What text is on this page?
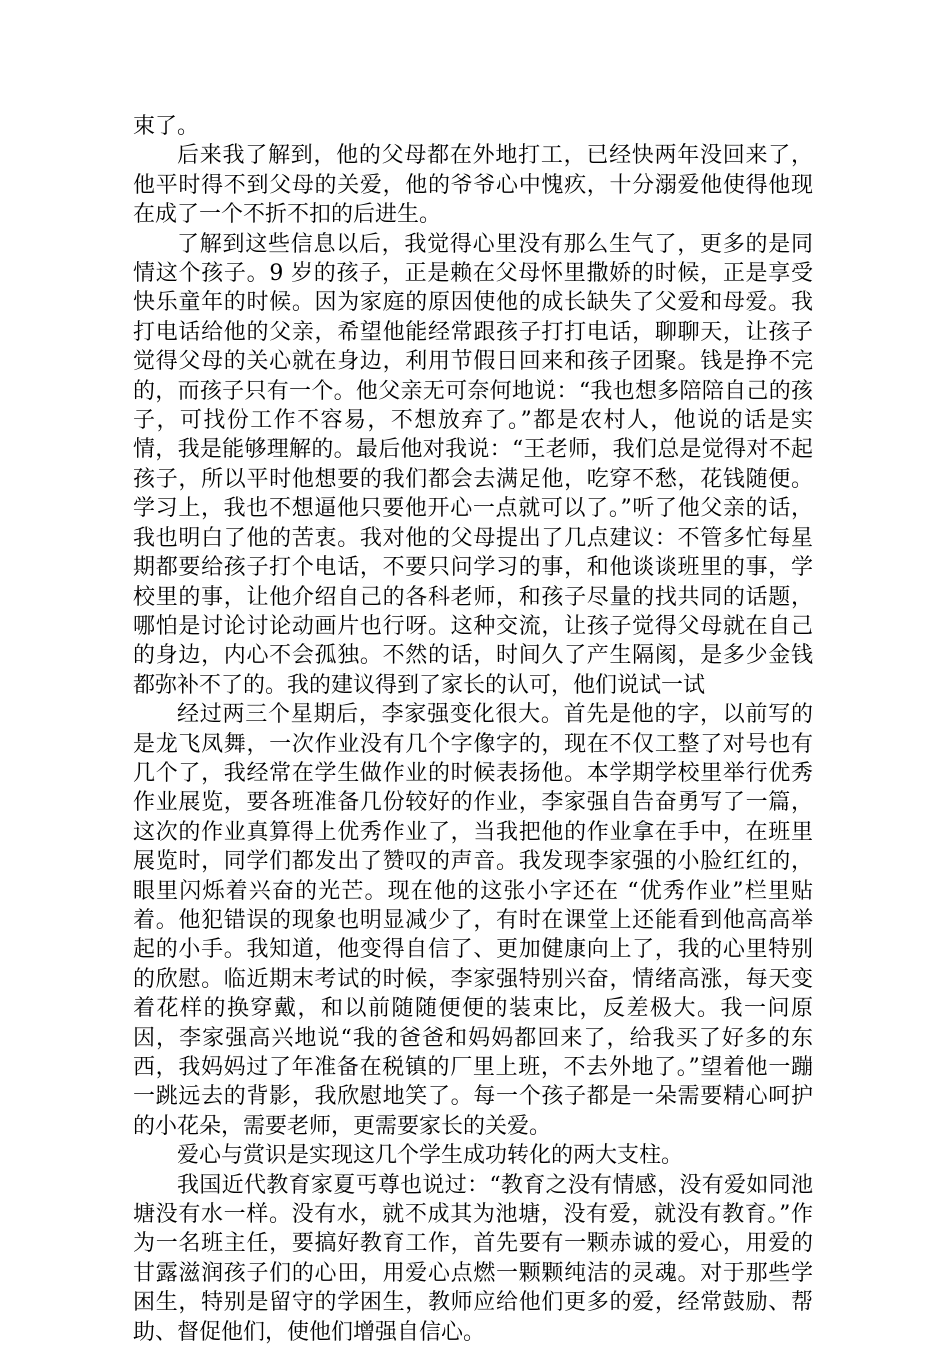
束了。

后来我了解到，他的父母都在外地打工，已经快两年没回来了， 他平时得不到父母的关爱，他的爷爷心中愧疚，十分溺爱他使得他现在成了一个不折不扣的后进生。

了解到这些信息以后，我觉得心里没有那么生气了，更多的是同情这个孩子。9 岁的孩子，正是赖在父母怀里撒娇的时候，正是享受快乐童年的时候。因为家庭的原因使他的成长缺失了父爱和母爱。我打电话给他的父亲，希望他能经常跟孩子打打电话，聊聊天，让孩子觉得父母的关心就在身边，利用节假日回来和孩子团聚。钱是挣不完的，而孩子只有一个。他父亲无可奈何地说：“我也想多陪陪自己的孩子，可找份工作不容易，不想放弃了。”都是农村人，他说的话是实情，我是能够理解的。最后他对我说：“王老师，我们总是觉得对不起孩子，所以平时他想要的我们都会去满足他，吃穿不愁，花钱随便。学习上，我也不想逼他只要他开心一点就可以了。”听了他父亲的话，我也明白了他的苦衷。我对他的父母提出了几点建议：不管多忙每星期都要给孩子打个电话，不要只问学习的事，和他谈谈班里的事，学校里的事，让他介绍自己的各科老师，和孩子尽量的找共同的话题，哪怕是讨论讨论动画片也行呀。这种交流，让孩子觉得父母就在自己的身边，内心不会孤独。不然的话，时间久了产生隔阂，是多少金钱都弥补不了的。我的建议得到了家长的认可，他们说试一试

经过两三个星期后，李家强变化很大。首先是他的字，以前写的是龙飞凤舞，一次作业没有几个字像字的，现在不仅工整了对号也有几个了，我经常在学生做作业的时候表扬他。本学期学校里举行优秀作业展览，要各班准备几份较好的作业，李家强自告奋勇写了一篇，这次的作业真算得上优秀作业了，当我把他的作业拿在手中，在班里展览时，同学们都发出了赞叹的声音。我发现李家强的小脸红红的，眼里闪烁着兴奋的光芒。现在他的这张小字还在 “优秀作业”栏里贴着。他犯错误的现象也明显减少了，有时在课堂上还能看到他高高举起的小手。我知道，他变得自信了、更加健康向上了，我的心里特别的欣慰。临近期末考试的时候，李家强特别兴奋，情绪高涨，每天变着花样的换穿戴，和以前随随便便的装束比，反差极大。我一问原因，李家强高兴地说“我的爸爸和妈妈都回来了，给我买了好多的东西，我妈妈过了年准备在税镇的厂里上班，不去外地了。”望着他一蹦一跳远去的背影，我欣慰地笑了。每一个孩子都是一朵需要精心呵护的小花朵，需要老师，更需要家长的关爱。

爱心与赏识是实现这几个学生成功转化的两大支柱。

我国近代教育家夏丐尊也说过：“教育之没有情感，没有爱如同池塘没有水一样。没有水，就不成其为池塘，没有爱，就没有教育。”作为一名班主任，要搞好教育工作，首先要有一颗赤诚的爱心，用爱的甘露滋润孩子们的心田，用爱心点燃一颗颗纯洁的灵魂。对于那些学困生，特别是留守的学困生，教师应给他们更多的爱，经常鼓励、帮助、督促他们，使他们增强自信心。
